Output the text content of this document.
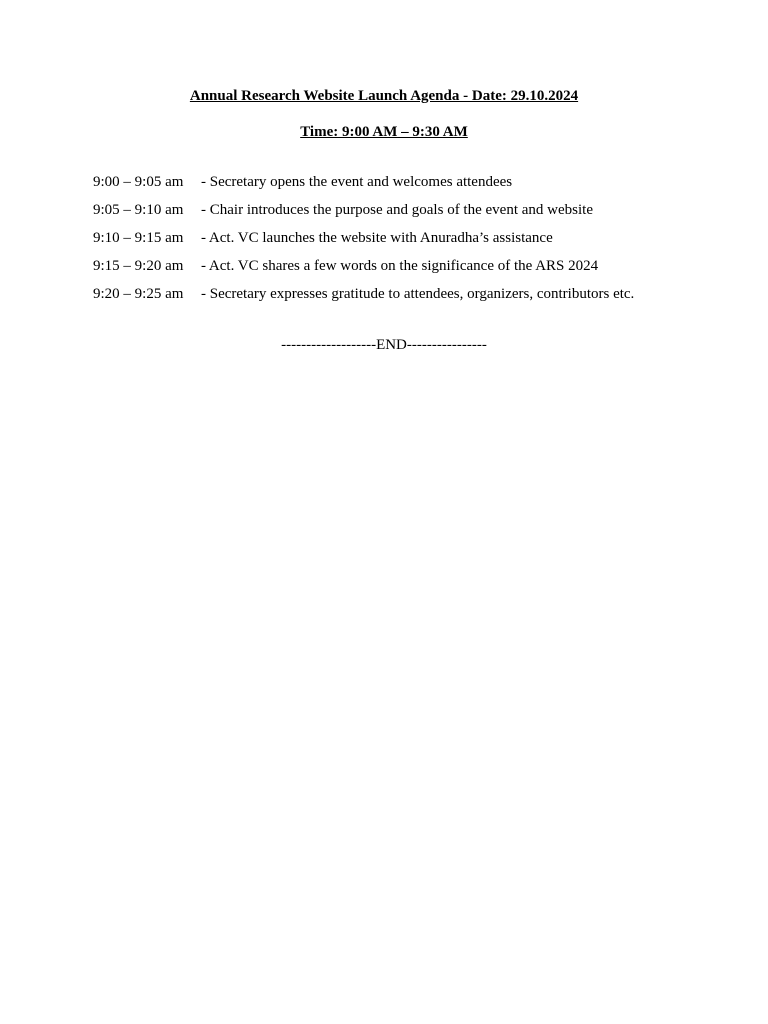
Annual Research Website Launch Agenda - Date: 29.10.2024
Time: 9:00 AM – 9:30 AM
9:00 – 9:05 am	- Secretary opens the event and welcomes attendees
9:05 – 9:10 am	- Chair introduces the purpose and goals of the event and website
9:10 – 9:15 am	- Act. VC launches the website with Anuradha’s assistance
9:15 – 9:20 am	- Act. VC shares a few words on the significance of the ARS 2024
9:20 – 9:25 am	- Secretary expresses gratitude to attendees, organizers, contributors etc.
-------------------END----------------
